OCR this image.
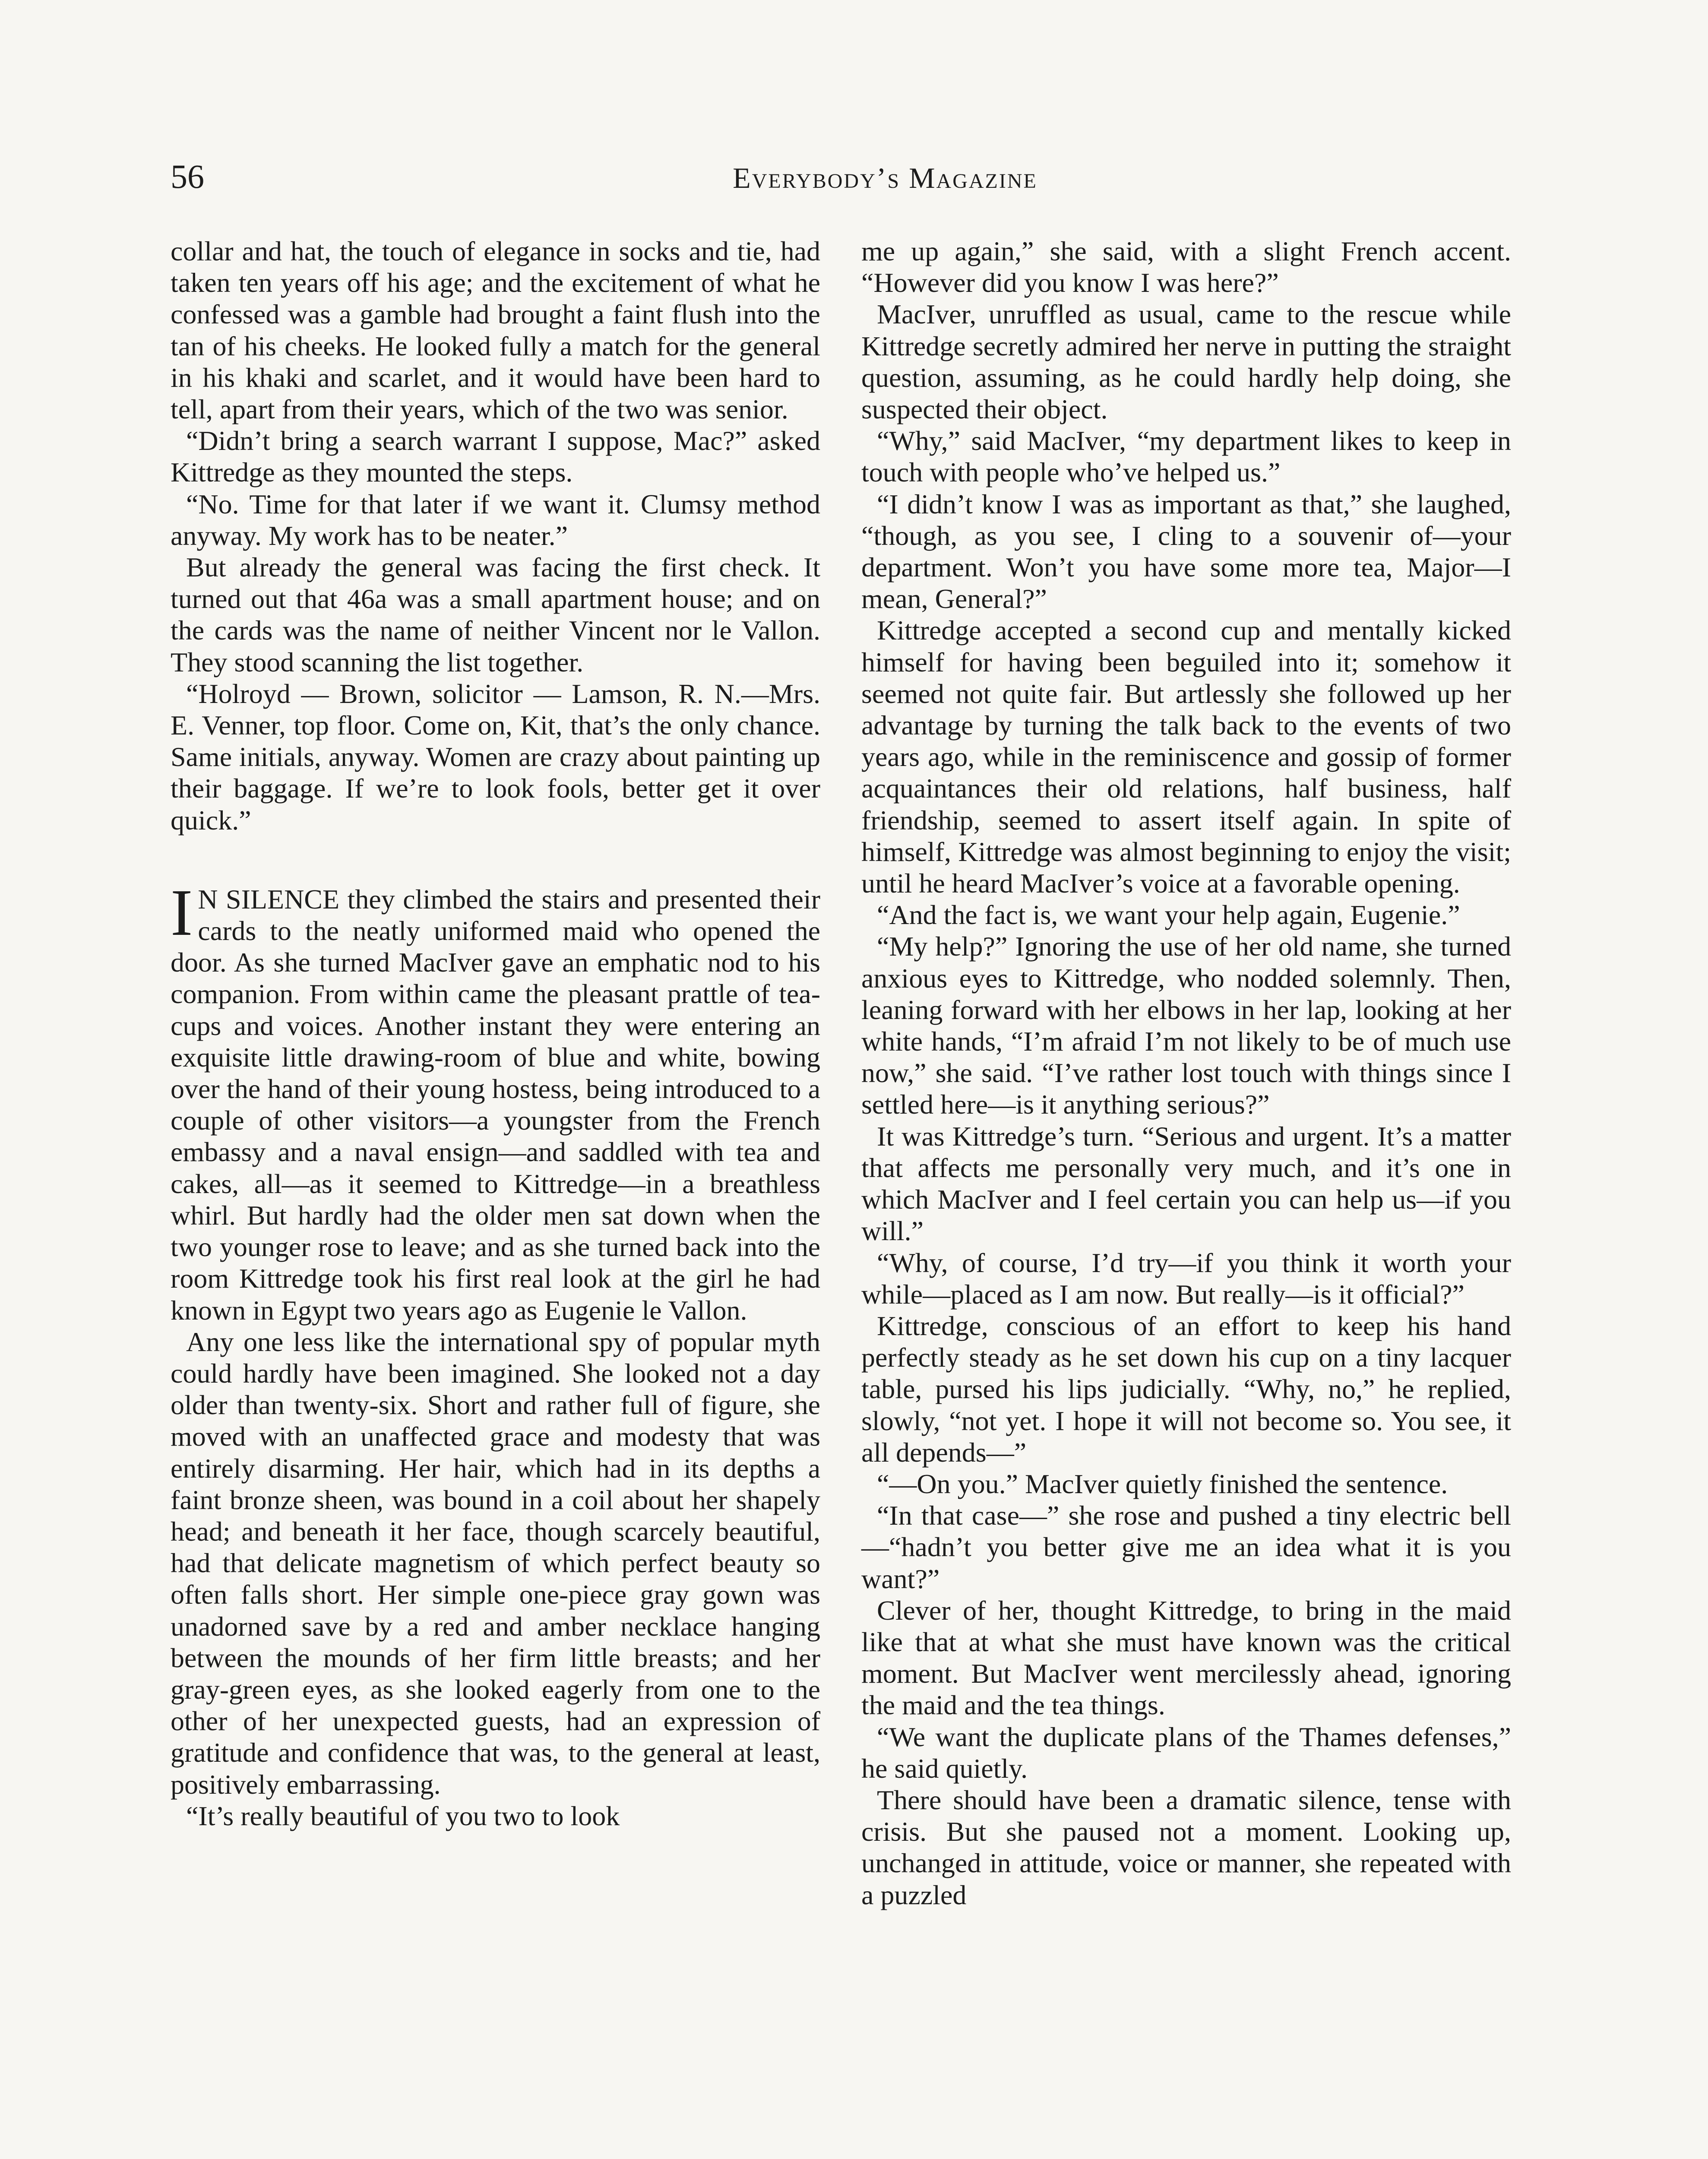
56	Everybody’s Magazine

collar and hat, the touch of elegance in socks and tie, had taken ten years off his age; and the excitement of what he confessed was a gamble had brought a faint flush into the tan of his cheeks. He looked fully a match for the general in his khaki and scarlet, and it would have been hard to tell, apart from their years, which of the two was senior.

“Didn’t bring a search warrant I suppose, Mac?” asked Kittredge as they mounted the steps.

“No. Time for that later if we want it. Clumsy method anyway. My work has to be neater.”

But already the general was facing the first check. It turned out that 46a was a small apartment house; and on the cards was the name of neither Vincent nor le Vallon. They stood scanning the list together.

“Holroyd — Brown, solicitor — Lamson, R. N.—Mrs. E. Venner, top floor. Come on, Kit, that’s the only chance. Same initials, anyway. Women are crazy about painting up their baggage. If we’re to look fools, better get it over quick.”

I N SILENCE they climbed the stairs and presented their cards to the neatly uniformed maid who opened the door. As she turned MacIver gave an emphatic nod to his companion. From within came the pleasant prattle of tea-cups and voices. Another instant they were entering an exquisite little drawing-room of blue and white, bowing over the hand of their young hostess, being introduced to a couple of other visitors—a youngster from the French embassy and a naval ensign—and saddled with tea and cakes, all—as it seemed to Kittredge—in a breathless whirl. But hardly had the older men sat down when the two younger rose to leave; and as she turned back into the room Kittredge took his first real look at the girl he had known in Egypt two years ago as Eugenie le Vallon.

Any one less like the international spy of popular myth could hardly have been imagined. She looked not a day older than twenty-six. Short and rather full of figure, she moved with an unaffected grace and modesty that was entirely disarming. Her hair, which had in its depths a faint bronze sheen, was bound in a coil about her shapely head; and beneath it her face, though scarcely beautiful, had that delicate magnetism of which perfect beauty so often falls short. Her simple one-piece gray gown was unadorned save by a red and amber necklace hanging between the mounds of her firm little breasts; and her gray-green eyes, as she looked eagerly from one to the other of her unexpected guests, had an expression of gratitude and confidence that was, to the general at least, positively embarrassing.

“It’s really beautiful of you two to look

me up again,” she said, with a slight French accent. “However did you know I was here?”

MacIver, unruffled as usual, came to the rescue while Kittredge secretly admired her nerve in putting the straight question, assuming, as he could hardly help doing, she suspected their object.

“Why,” said MacIver, “my department likes to keep in touch with people who’ve helped us.”

“I didn’t know I was as important as that,” she laughed, “though, as you see, I cling to a souvenir of—your department. Won’t you have some more tea, Major—I mean, General?”

Kittredge accepted a second cup and mentally kicked himself for having been beguiled into it; somehow it seemed not quite fair. But artlessly she followed up her advantage by turning the talk back to the events of two years ago, while in the reminiscence and gossip of former acquaintances their old relations, half business, half friendship, seemed to assert itself again. In spite of himself, Kittredge was almost beginning to enjoy the visit; until he heard MacIver’s voice at a favorable opening.

“And the fact is, we want your help again, Eugenie.”

“My help?” Ignoring the use of her old name, she turned anxious eyes to Kittredge, who nodded solemnly. Then, leaning forward with her elbows in her lap, looking at her white hands, “I’m afraid I’m not likely to be of much use now,” she said. “I’ve rather lost touch with things since I settled here—is it anything serious?”

It was Kittredge’s turn. “Serious and urgent. It’s a matter that affects me personally very much, and it’s one in which MacIver and I feel certain you can help us—if you will.”

“Why, of course, I’d try—if you think it worth your while—placed as I am now. But really—is it official?”

Kittredge, conscious of an effort to keep his hand perfectly steady as he set down his cup on a tiny lacquer table, pursed his lips judicially. “Why, no,” he replied, slowly, “not yet. I hope it will not become so. You see, it all depends—”

“—On you.” MacIver quietly finished the sentence.

“In that case—” she rose and pushed a tiny electric bell—“hadn’t you better give me an idea what it is you want?”

Clever of her, thought Kittredge, to bring in the maid like that at what she must have known was the critical moment. But MacIver went mercilessly ahead, ignoring the maid and the tea things.

“We want the duplicate plans of the Thames defenses,” he said quietly.

There should have been a dramatic silence, tense with crisis. But she paused not a moment. Looking up, unchanged in attitude, voice or manner, she repeated with a puzzled
